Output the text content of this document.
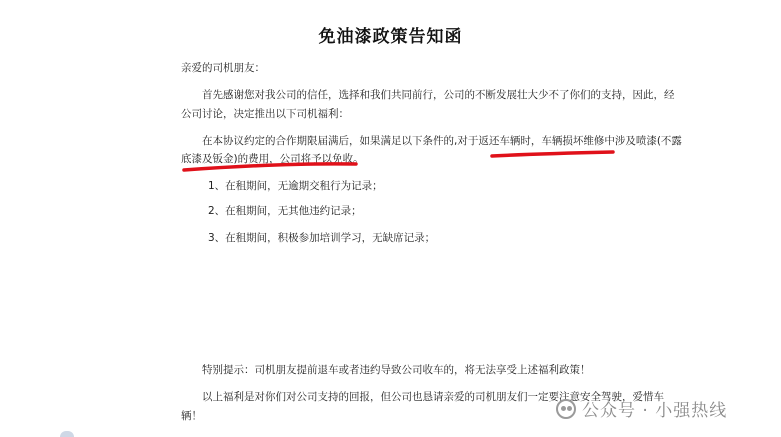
免油漆政策告知函
亲爱的司机朋友：
首先感谢您对我公司的信任，选择和我们共同前行，公司的不断发展壮大少不了你们的支持，因此，经
公司讨论，决定推出以下司机福利：
在本协议约定的合作期限届满后，如果满足以下条件的,对于返还车辆时，车辆损坏维修中涉及喷漆(不露
底漆及钣金)的费用，公司将予以免收。
1、在租期间，无逾期交租行为记录；
2、在租期间，无其他违约记录；
3、在租期间，积极参加培训学习，无缺席记录；
特别提示：司机朋友提前退车或者违约导致公司收车的，将无法享受上述福利政策！
以上福利是对你们对公司支持的回报，但公司也恳请亲爱的司机朋友们一定要注意安全驾驶，爱惜车
辆！	公众号 · 小强热线
